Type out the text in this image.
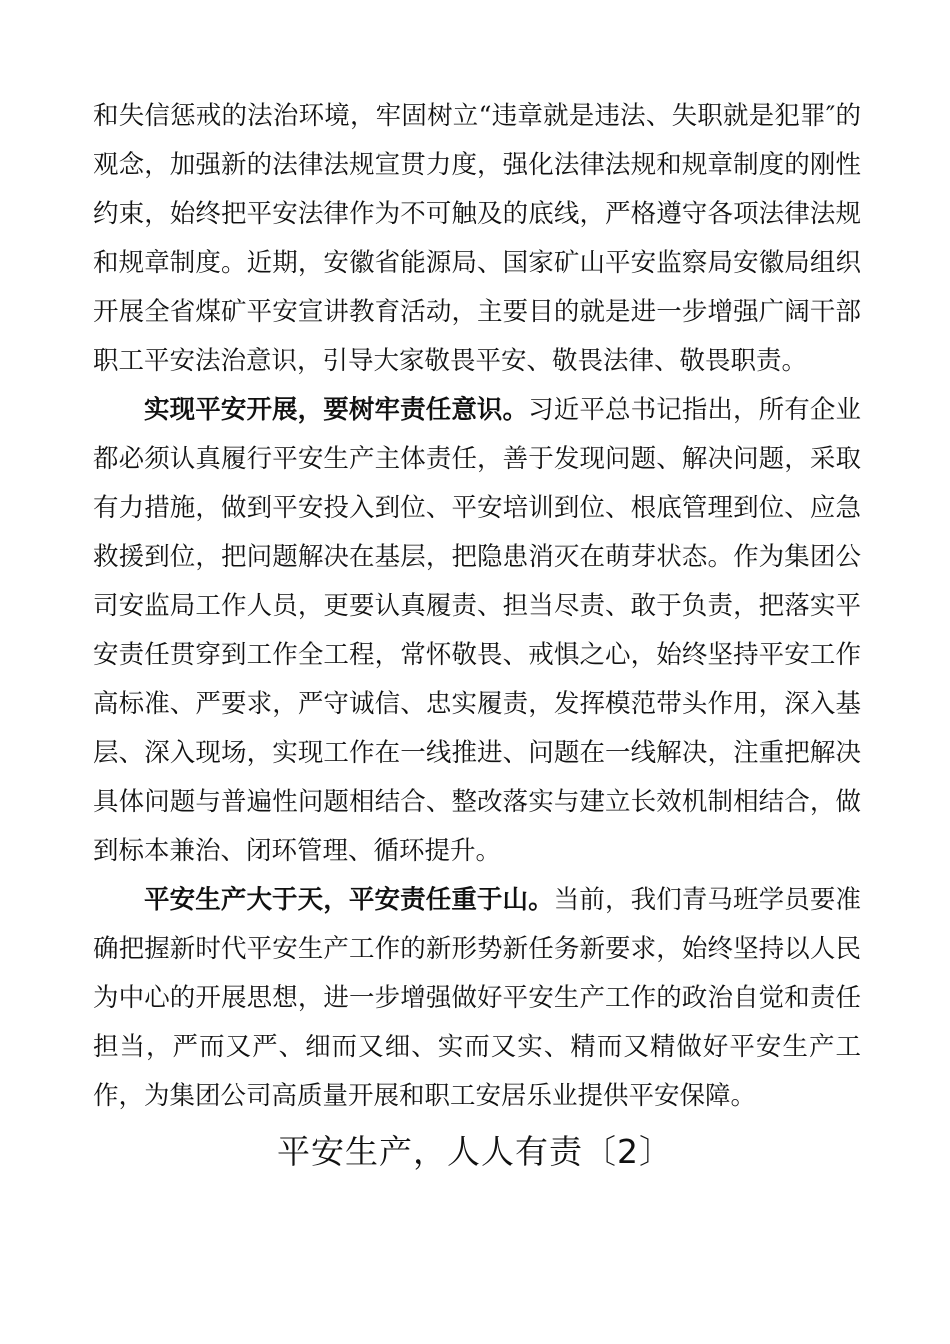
和失信惩戒的法治环境，牢固树立“违章就是违法、失职就是犯罪″的观念，加强新的法律法规宣贯力度，强化法律法规和规章制度的刚性约束，始终把平安法律作为不可触及的底线，严格遵守各项法律法规和规章制度。近期，安徽省能源局、国家矿山平安监察局安徽局组织开展全省煤矿平安宣讲教育活动，主要目的就是进一步增强广阔干部职工平安法治意识，引导大家敬畏平安、敬畏法律、敬畏职责。

实现平安开展，要树牢责任意识。习近平总书记指出，所有企业都必须认真履行平安生产主体责任，善于发现问题、解决问题，采取有力措施，做到平安投入到位、平安培训到位、根底管理到位、应急救援到位，把问题解决在基层，把隐患消灭在萌芽状态。作为集团公司安监局工作人员，更要认真履责、担当尽责、敢于负责，把落实平安责任贯穿到工作全工程，常怀敬畏、戒惧之心，始终坚持平安工作高标准、严要求，严守诚信、忠实履责，发挥模范带头作用，深入基层、深入现场，实现工作在一线推进、问题在一线解决，注重把解决具体问题与普遍性问题相结合、整改落实与建立长效机制相结合，做到标本兼治、闭环管理、循环提升。

平安生产大于天，平安责任重于山。当前，我们青马班学员要准确把握新时代平安生产工作的新形势新任务新要求，始终坚持以人民为中心的开展思想，进一步增强做好平安生产工作的政治自觉和责任担当，严而又严、细而又细、实而又实、精而又精做好平安生产工作，为集团公司高质量开展和职工安居乐业提供平安保障。

平安生产，人人有责〔2〕
